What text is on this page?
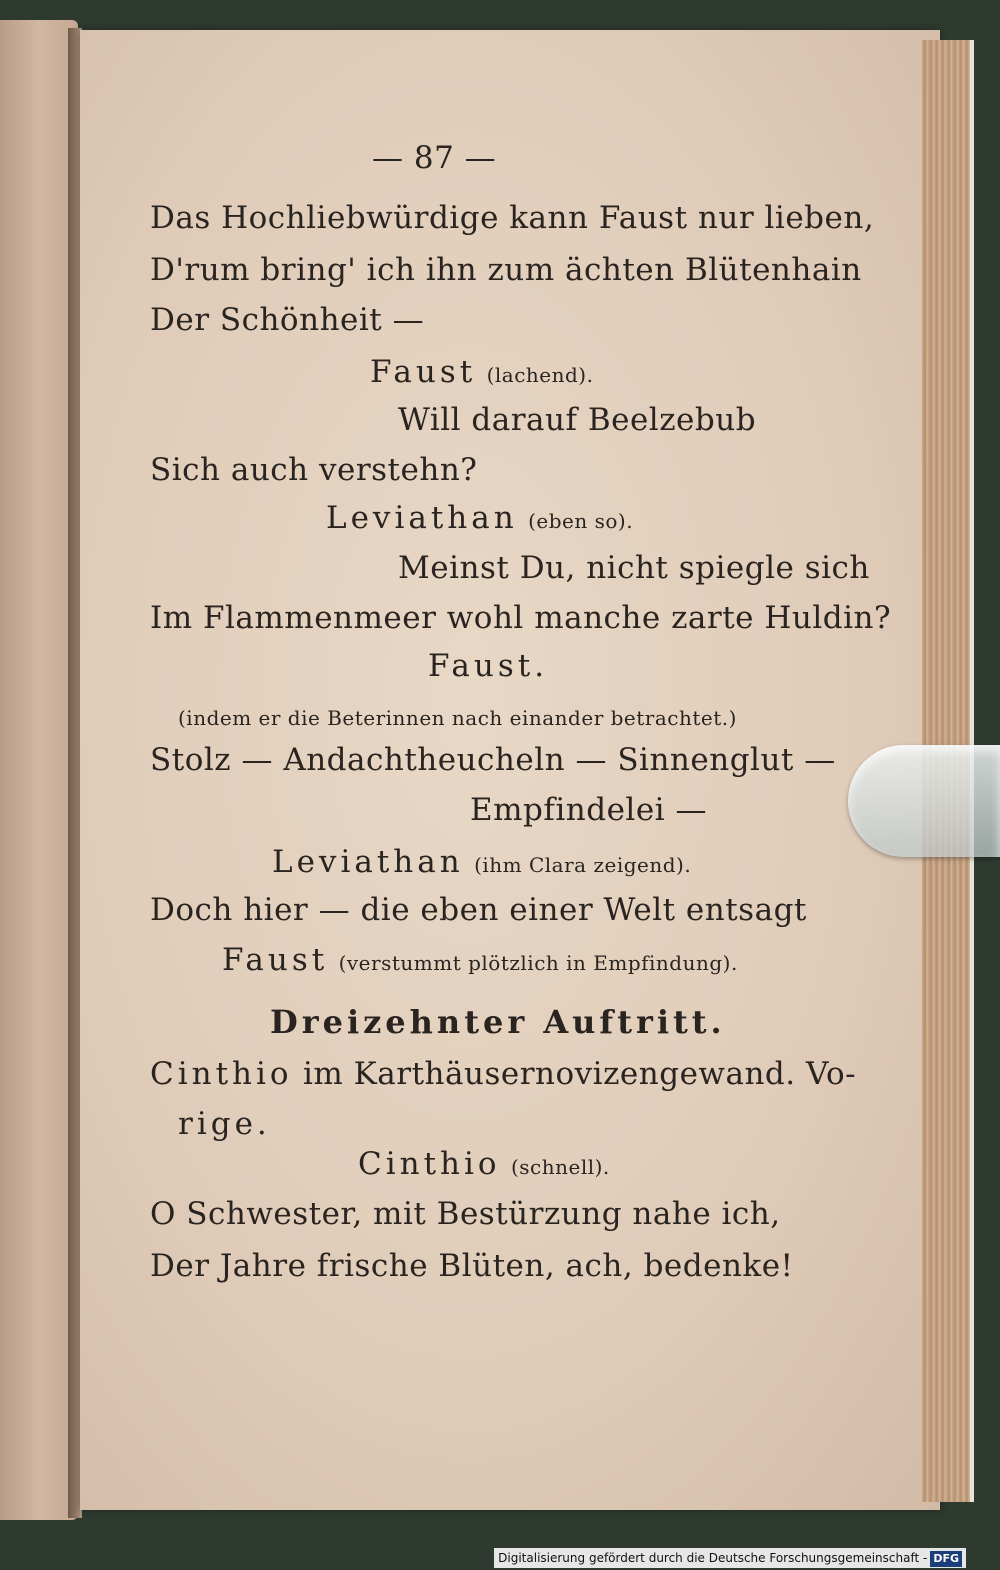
— 87 —
Das Hochliebwürdige kann Faust nur lieben,
D'rum bring' ich ihn zum ächten Blütenhain
Der Schönheit —
Faust (lachend).
Will darauf Beelzebub
Sich auch verstehn?
Leviathan (eben so).
Meinst Du, nicht spiegle sich
Im Flammenmeer wohl manche zarte Huldin?
Faust.
(indem er die Beterinnen nach einander betrachtet.)
Stolz — Andachtheucheln — Sinnenglut —
Empfindelei —
Leviathan (ihm Clara zeigend).
Doch hier — die eben einer Welt entsagt
Faust (verstummt plötzlich in Empfindung).
Dreizehnter Auftritt.
Cinthio im Karthäusernovizengewand. Vo-
rige.
Cinthio (schnell).
O Schwester, mit Bestürzung nahe ich,
Der Jahre frische Blüten, ach, bedenke!
Digitalisierung gefördert durch die Deutsche Forschungsgemeinschaft - DFG
